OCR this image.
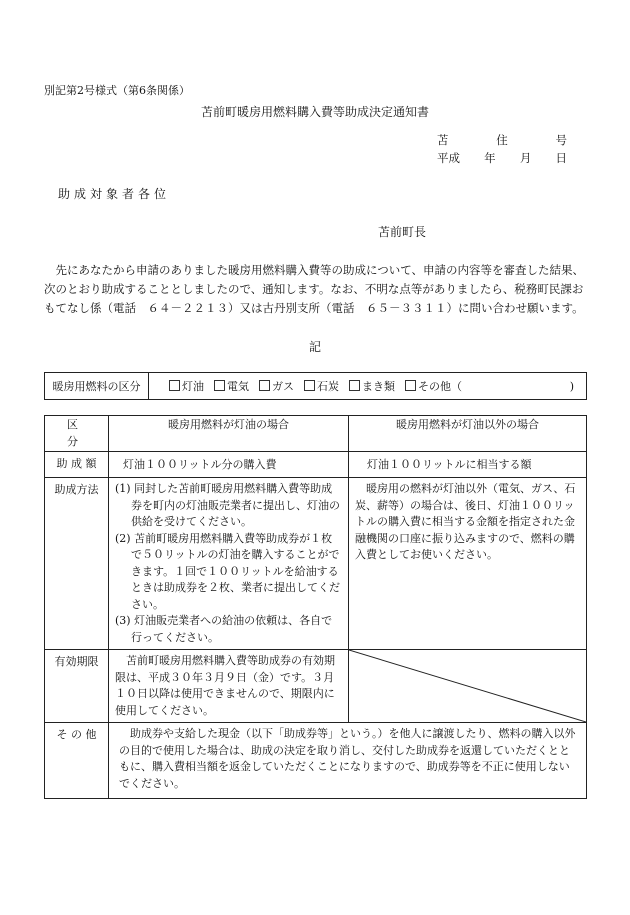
別記第2号様式（第6条関係）
苫前町暖房用燃料購入費等助成決定通知書
苫	住	号
平成 年 月 日
助成対象者各位
苫前町長
先にあなたから申請のありました暖房用燃料購入費等の助成について、申請の内容等を審査した結果、次のとおり助成することとしましたので、通知します。なお、不明な点等がありましたら、税務町民課おもてなし係（電話　６４－２２１３）又は古丹別支所（電話　６５－３３１１）に問い合わせ願います。
記
暖房用燃料の区分	灯油	電気	ガス	石炭	まき類	その他（	)
区　分	暖房用燃料が灯油の場合	暖房用燃料が灯油以外の場合
助 成 額	灯油１００リットル分の購入費	灯油１００リットルに相当する額
助成方法	(1) 同封した苫前町暖房用燃料購入費等助成券を町内の灯油販売業者に提出し、灯油の供給を受けてください。
(2) 苫前町暖房用燃料購入費等助成券が１枚で５０リットルの灯油を購入することができます。１回で１００リットルを給油するときは助成券を２枚、業者に提出してください。
(3) 灯油販売業者への給油の依頼は、各自で行ってください。	暖房用の燃料が灯油以外（電気、ガス、石炭、薪等）の場合は、後日、灯油１００リットルの購入費に相当する金額を指定された金融機関の口座に振り込みますので、燃料の購入費としてお使いください。
有効期限	苫前町暖房用燃料購入費等助成券の有効期限は、平成３０年３月９日（金）です。３月１０日以降は使用できませんので、期限内に使用してください。	

そ の 他	助成券や支給した現金（以下「助成券等」という。）を他人に譲渡したり、燃料の購入以外の目的で使用した場合は、助成の決定を取り消し、交付した助成券を返還していただくとともに、購入費相当額を返金していただくことになりますので、助成券等を不正に使用しないでください。	
